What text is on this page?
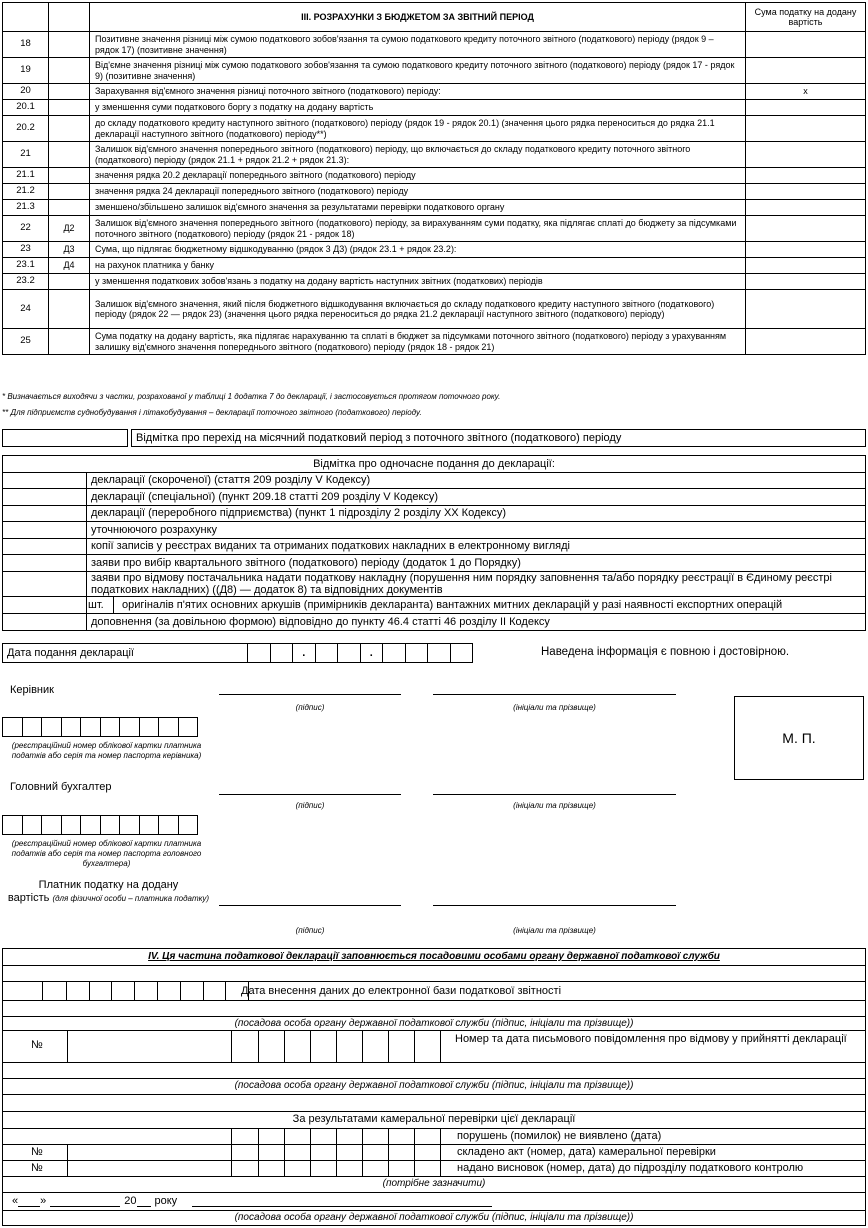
		III. РОЗРАХУНКИ З БЮДЖЕТОМ ЗА ЗВІТНИЙ ПЕРІОД	Сума податку на додану вартість
18		Позитивне значення різниці між сумою податкового зобов'язання та сумою податкового кредиту поточного звітного (податкового) періоду (рядок 9 – рядок 17) (позитивне значення)	
19		Від'ємне значення різниці між сумою податкового зобов'язання та сумою податкового кредиту поточного звітного (податкового) періоду (рядок 17 - рядок 9) (позитивне значення)	
20		Зарахування від'ємного значення різниці поточного звітного (податкового) періоду:	x
20.1		у зменшення суми податкового боргу з податку на додану вартість	
20.2		до складу податкового кредиту наступного звітного (податкового) періоду (рядок 19 - рядок 20.1) (значення цього рядка переноситься до рядка 21.1 декларації наступного звітного (податкового) періоду**)	
21		Залишок від'ємного значення попереднього звітного (податкового) періоду, що включається до складу податкового кредиту поточного звітного (податкового) періоду (рядок 21.1 + рядок 21.2 + рядок 21.3):	
21.1		значення рядка 20.2 декларації попереднього звітного (податкового) періоду	
21.2		значення рядка 24 декларації попереднього звітного (податкового) періоду	
21.3		зменшено/збільшено залишок від'ємного значення за результатами перевірки податкового органу	
22	Д2	Залишок від'ємного значення попереднього звітного (податкового) періоду, за вирахуванням суми податку, яка підлягає сплаті до бюджету за підсумками поточного звітного (податкового) періоду (рядок 21 - рядок 18)	
23	Д3	Сума, що підлягає бюджетному відшкодуванню (рядок 3 Д3) (рядок 23.1 + рядок 23.2):	
23.1	Д4	на рахунок платника у банку	
23.2		у зменшення податкових зобов'язань з податку на додану вартість наступних звітних (податкових) періодів	
24		Залишок від'ємного значення, який після бюджетного відшкодування включається до складу податкового кредиту наступного звітного (податкового) періоду (рядок 22 — рядок 23) (значення цього рядка переноситься до рядка 21.2 декларації наступного звітного (податкового) періоду)	
25		Сума податку на додану вартість, яка підлягає нарахуванню та сплаті в бюджет за підсумками поточного звітного (податкового) періоду з урахуванням залишку від'ємного значення попереднього звітного (податкового) періоду (рядок 18 - рядок 21)	
* Визначається виходячи з частки, розрахованої у таблиці 1 додатка 7 до декларації, і застосовується протягом поточного року.
** Для підприємств суднобудування і літакобудування – декларації поточного звітного (податкового) періоду.
		Відмітка про перехід на місячний податковий період з поточного звітного (податкового) періоду
Відмітка про одночасне подання до декларації:	
	декларації (скороченої) (стаття 209 розділу V Кодексу)
	декларації (спеціальної) (пункт 209.18 статті 209 розділу V Кодексу)
	декларації (переробного підприємства) (пункт 1 підрозділу 2 розділу XX Кодексу)
	уточнюючого розрахунку
	копії записів у реєстрах виданих та отриманих податкових накладних в електронному вигляді
	заяви про вибір квартального звітного (податкового) періоду (додаток 1 до Порядку)
	заяви про відмову постачальника надати податкову накладну (порушення ним порядку заповнення та/або порядку реєстрації в Єдиному реєстрі податкових накладних) ((Д8) — додаток 8) та відповідних документів

шт. оригіналів п'ятих основних аркушів (примірників декларанта) вантажних митних декларацій у разі наявності експортних операцій

	доповнення (за довільною формою) відповідно до пункту 46.4 статті 46 розділу II Кодексу
Дата подання декларації			.			.					Наведена інформація є повною і достовірною.
Керівник
(підпис)	(ініціали та прізвище)
(реєстраційний номер облікової картки платника податків або серія та номер паспорта керівника)
М. П.
Головний бухгалтер
(підпис)	(ініціали та прізвище)
(реєстраційний номер облікової картки платника податків або серія та номер паспорта головного бухгалтера)
Платник податку на додану
вартість (для фізичної особи – платника податку)
(підпис)	(ініціали та прізвище)
IV. Ця частина податкової декларації заповнюється посадовими особами органу державної податкової служби
Дата внесення даних до електронної бази податкової звітності
(посадова особа органу державної податкової служби (підпис, ініціали та прізвище))
№	Номер та дата письмового повідомлення про відмову у прийнятті декларації
(посадова особа органу державної податкової служби (підпис, ініціали та прізвище))
За результатами камеральної перевірки цієї декларації
порушень (помилок) не виявлено (дата)
№	складено акт (номер, дата) камеральної перевірки
№	надано висновок (номер, дата) до підрозділу податкового контролю
(потрібне зазначити)
« »	20 року
(посадова особа органу державної податкової служби (підпис, ініціали та прізвище))
